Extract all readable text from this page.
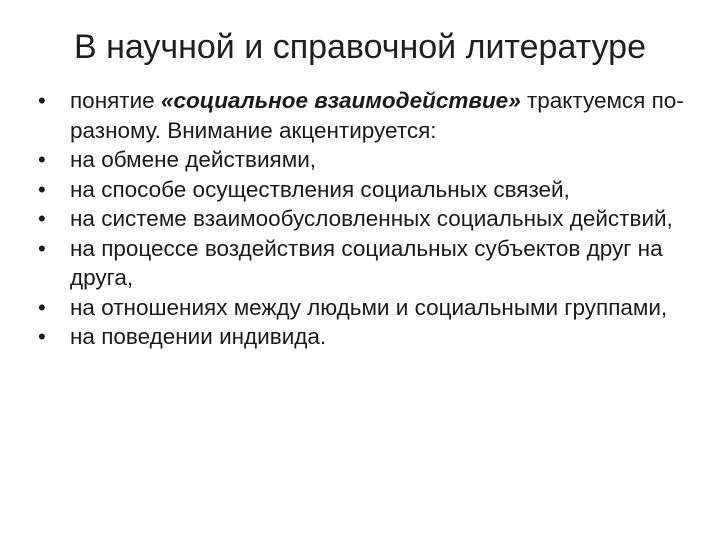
В научной и справочной литературе
• понятие «социальное взаимодействие» трактуемся по-разному. Внимание акцентируется:
• на обмене действиями,
• на способе осуществления социальных связей,
• на системе взаимообусловленных социальных действий,
• на процессе воздействия социальных субъектов друг на друга,
• на отношениях между людьми и социальными группами,
• на поведении индивида.
